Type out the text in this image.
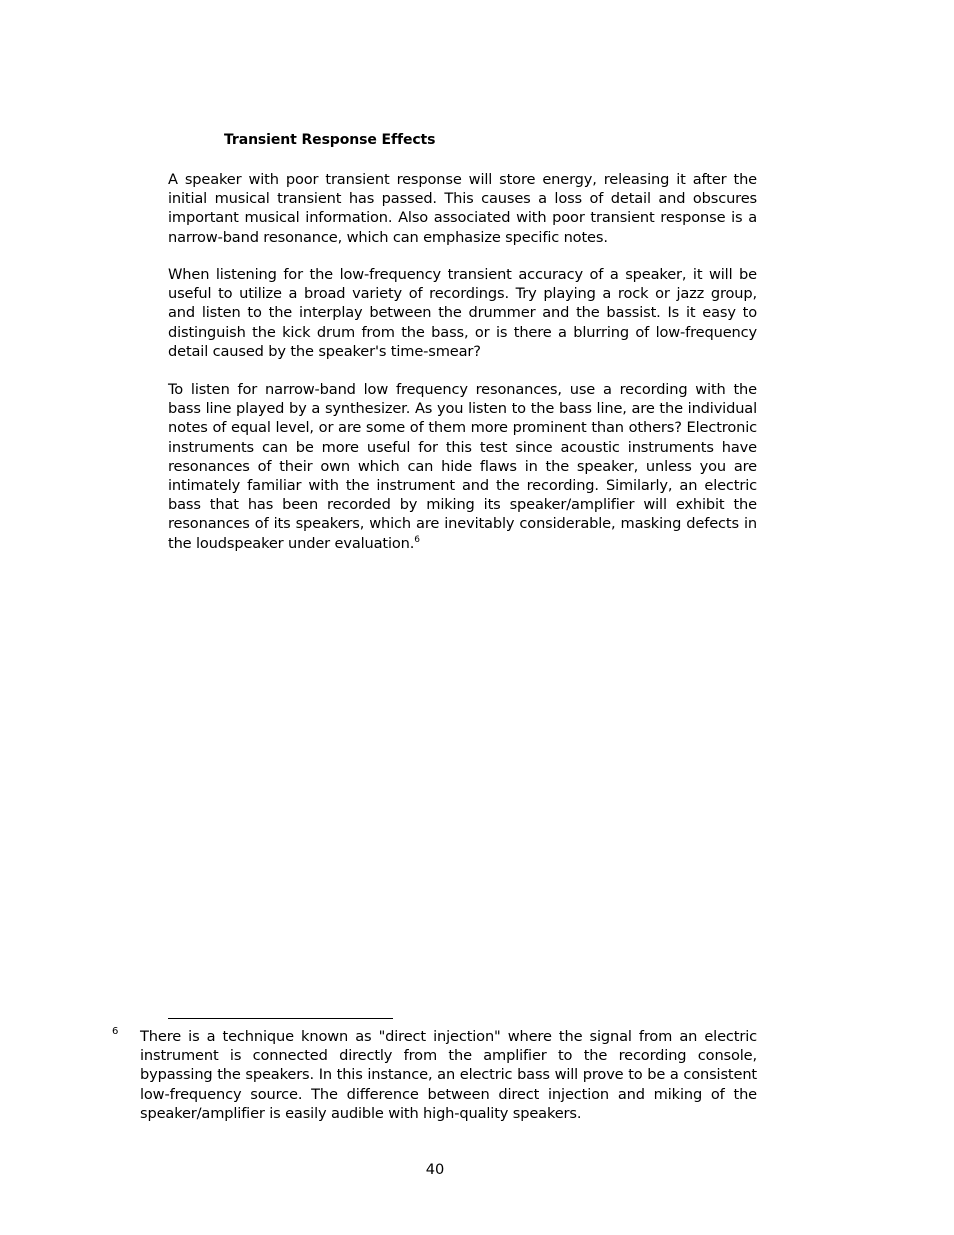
Transient Response Effects

A speaker with poor transient response will store energy, releasing it after the initial musical transient has passed. This causes a loss of detail and obscures important musical information. Also associated with poor transient response is a narrow-band resonance, which can emphasize specific notes.

When listening for the low-frequency transient accuracy of a speaker, it will be useful to utilize a broad variety of recordings. Try playing a rock or jazz group, and listen to the interplay between the drummer and the bassist. Is it easy to distinguish the kick drum from the bass, or is there a blurring of low-frequency detail caused by the speaker's time-smear?

To listen for narrow-band low frequency resonances, use a recording with the bass line played by a synthesizer. As you listen to the bass line, are the individual notes of equal level, or are some of them more prominent than others? Electronic instruments can be more useful for this test since acoustic instruments have resonances of their own which can hide flaws in the speaker, unless you are intimately familiar with the instrument and the recording. Similarly, an electric bass that has been recorded by miking its speaker/amplifier will exhibit the resonances of its speakers, which are inevitably considerable, masking defects in the loudspeaker under evaluation.$^6$

6 There is a technique known as "direct injection" where the signal from an electric instrument is connected directly from the amplifier to the recording console, bypassing the speakers. In this instance, an electric bass will prove to be a consistent low-frequency source. The difference between direct injection and miking of the speaker/amplifier is easily audible with high-quality speakers.

40
